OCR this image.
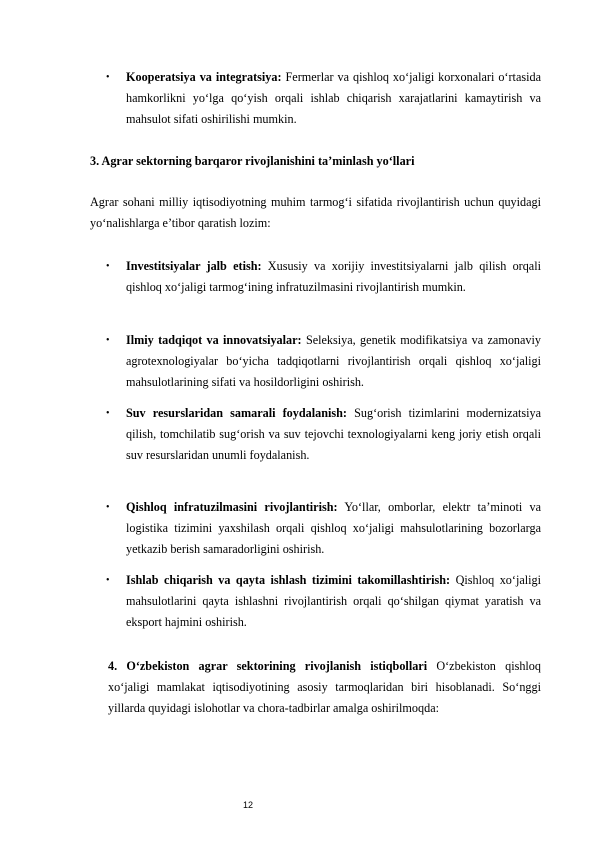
• Kooperatsiya va integratsiya: Fermerlar va qishloq xo‘jaligi korxonalari o‘rtasida hamkorlikni yo‘lga qo‘yish orqali ishlab chiqarish xarajatlarini kamaytirish va mahsulot sifati oshirilishi mumkin.

3. Agrar sektorning barqaror rivojlanishini ta’minlash yo‘llari

Agrar sohani milliy iqtisodiyotning muhim tarmog‘i sifatida rivojlantirish uchun quyidagi yo‘nalishlarga e’tibor qaratish lozim:

• Investitsiyalar jalb etish: Xususiy va xorijiy investitsiyalarni jalb qilish orqali qishloq xo‘jaligi tarmog‘ining infratuzilmasini rivojlantirish mumkin.
• Ilmiy tadqiqot va innovatsiyalar: Seleksiya, genetik modifikatsiya va zamonaviy agrotexnologiyalar bo‘yicha tadqiqotlarni rivojlantirish orqali qishloq xo‘jaligi mahsulotlarining sifati va hosildorligini oshirish.
• Suv resurslaridan samarali foydalanish: Sug‘orish tizimlarini modernizatsiya qilish, tomchilatib sug‘orish va suv tejovchi texnologiyalarni keng joriy etish orqali suv resurslaridan unumli foydalanish.
• Qishloq infratuzilmasini rivojlantirish: Yo‘llar, omborlar, elektr ta’minoti va logistika tizimini yaxshilash orqali qishloq xo‘jaligi mahsulotlarining bozorlarga yetkazib berish samaradorligini oshirish.
• Ishlab chiqarish va qayta ishlash tizimini takomillashtirish: Qishloq xo‘jaligi mahsulotlarini qayta ishlashni rivojlantirish orqali qo‘shilgan qiymat yaratish va eksport hajmini oshirish.

4. O‘zbekiston agrar sektorining rivojlanish istiqbollari O‘zbekiston qishloq xo‘jaligi mamlakat iqtisodiyotining asosiy tarmoqlaridan biri hisoblanadi. So‘nggi yillarda quyidagi islohotlar va chora-tadbirlar amalga oshirilmoqda:

12
